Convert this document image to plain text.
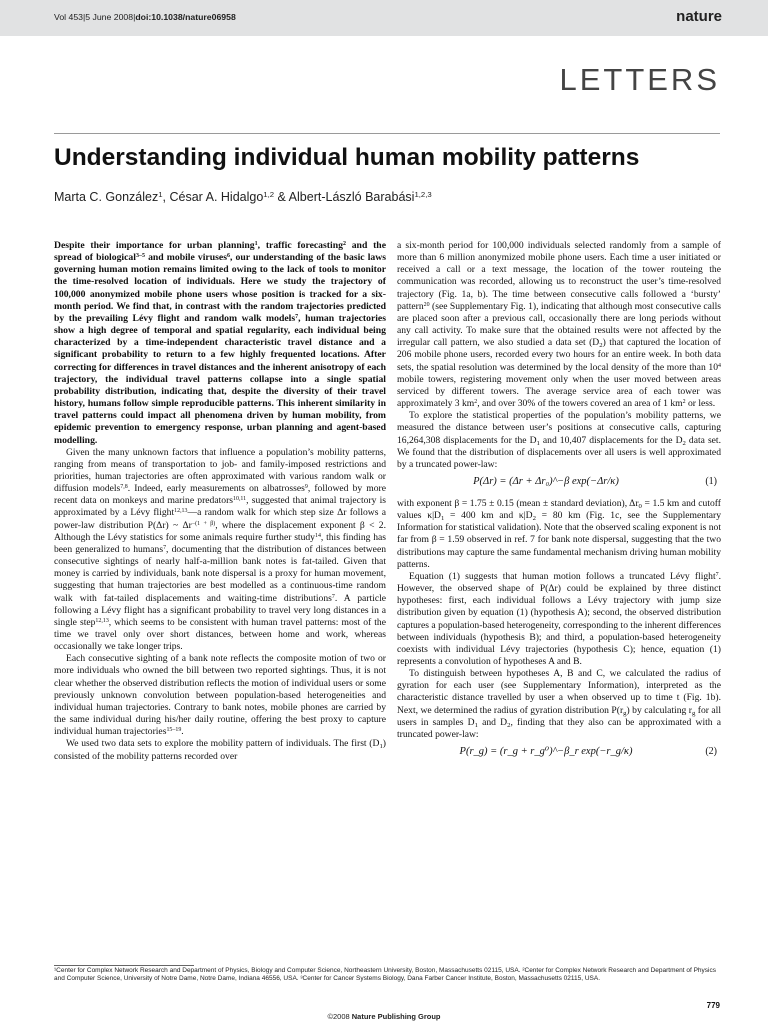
Vol 453|5 June 2008|doi:10.1038/nature06958	nature
LETTERS
Understanding individual human mobility patterns
Marta C. González$^1$, César A. Hidalgo$^{1,2}$ & Albert-László Barabási$^{1,2,3}$

Despite their importance for urban planning$^1$, traffic forecasting$^2$ and the spread of biological$^{3-5}$ and mobile viruses$^6$, our understanding of the basic laws governing human motion remains limited owing to the lack of tools to monitor the time-resolved location of individuals. Here we study the trajectory of 100,000 anonymized mobile phone users whose position is tracked for a six-month period. We find that, in contrast with the random trajectories predicted by the prevailing Lévy flight and random walk models$^7$, human trajectories show a high degree of temporal and spatial regularity, each individual being characterized by a time-independent characteristic travel distance and a significant probability to return to a few highly frequented locations. After correcting for differences in travel distances and the inherent anisotropy of each trajectory, the individual travel patterns collapse into a single spatial probability distribution, indicating that, despite the diversity of their travel history, humans follow simple reproducible patterns. This inherent similarity in travel patterns could impact all phenomena driven by human mobility, from epidemic prevention to emergency response, urban planning and agent-based modelling.

Given the many unknown factors that influence a population’s mobility patterns, ranging from means of transportation to job- and family-imposed restrictions and priorities, human trajectories are often approximated with various random walk or diffusion models$^{7,8}$. Indeed, early measurements on albatrosses$^9$, followed by more recent data on monkeys and marine predators$^{10,11}$, suggested that animal trajectory is approximated by a Lévy flight$^{12,13}$—a random walk for which step size Δr follows a power-law distribution P(Δr) ~ $\Delta r^{-(1 + \beta)}$, where the displacement exponent β < 2. Although the Lévy statistics for some animals require further study$^{14}$, this finding has been generalized to humans$^7$, documenting that the distribution of distances between consecutive sightings of nearly half-a-million bank notes is fat-tailed. Given that money is carried by individuals, bank note dispersal is a proxy for human movement, suggesting that human trajectories are best modelled as a continuous-time random walk with fat-tailed displacements and waiting-time distributions$^7$. A particle following a Lévy flight has a significant probability to travel very long distances in a single step$^{12,13}$, which seems to be consistent with human travel patterns: most of the time we travel only over short distances, between home and work, whereas occasionally we take longer trips.

Each consecutive sighting of a bank note reflects the composite motion of two or more individuals who owned the bill between two reported sightings. Thus, it is not clear whether the observed distribution reflects the motion of individual users or some previously unknown convolution between population-based heterogeneities and individual human trajectories. Contrary to bank notes, mobile phones are carried by the same individual during his/her daily routine, offering the best proxy to capture individual human trajectories$^{15-19}$.

We used two data sets to explore the mobility pattern of individuals. The first $(D_1)$ consisted of the mobility patterns recorded over

a six-month period for 100,000 individuals selected randomly from a sample of more than 6 million anonymized mobile phone users. Each time a user initiated or received a call or a text message, the location of the tower routeing the communication was recorded, allowing us to reconstruct the user’s time-resolved trajectory (Fig. 1a, b). The time between consecutive calls followed a ‘bursty’ pattern$^{20}$ (see Supplementary Fig. 1), indicating that although most consecutive calls are placed soon after a previous call, occasionally there are long periods without any call activity. To make sure that the obtained results were not affected by the irregular call pattern, we also studied a data set $(D_2)$ that captured the location of 206 mobile phone users, recorded every two hours for an entire week. In both data sets, the spatial resolution was determined by the local density of the more than $10^4$ mobile towers, registering movement only when the user moved between areas serviced by different towers. The average service area of each tower was approximately 3 $km^2$, and over 30% of the towers covered an area of 1 $km^2$ or less.

To explore the statistical properties of the population’s mobility patterns, we measured the distance between user’s positions at consecutive calls, capturing 16,264,308 displacements for the $D_1$ and 10,407 displacements for the $D_2$ data set. We found that the distribution of displacements over all users is well approximated by a truncated power-law:

P(Δr) = (Δr + Δr₀)^−β exp(−Δr/κ)	(1)

with exponent β = 1.75 ± 0.15 (mean ± standard deviation), $\Delta r_0 = 1.5$ km and cutoff values $\kappa|D_1 = 400$ km and $\kappa|D_2 = 80$ km (Fig. 1c, see the Supplementary Information for statistical validation). Note that the observed scaling exponent is not far from β = 1.59 observed in ref. 7 for bank note dispersal, suggesting that the two distributions may capture the same fundamental mechanism driving human mobility patterns.

Equation (1) suggests that human motion follows a truncated Lévy flight$^7$. However, the observed shape of P(Δr) could be explained by three distinct hypotheses: first, each individual follows a Lévy trajectory with jump size distribution given by equation (1) (hypothesis A); second, the observed distribution captures a population-based heterogeneity, corresponding to the inherent differences between individuals (hypothesis B); and third, a population-based heterogeneity coexists with individual Lévy trajectories (hypothesis C); hence, equation (1) represents a convolution of hypotheses A and B.

To distinguish between hypotheses A, B and C, we calculated the radius of gyration for each user (see Supplementary Information), interpreted as the characteristic distance travelled by user a when observed up to time t (Fig. 1b). Next, we determined the radius of gyration distribution $P(r_g)$ by calculating $r_g$ for all users in samples $D_1$ and $D_2$, finding that they also can be approximated with a truncated power-law:

P(r_g) = (r_g + r_g⁰)^−β_r exp(−r_g/κ)	(2)

¹Center for Complex Network Research and Department of Physics, Biology and Computer Science, Northeastern University, Boston, Massachusetts 02115, USA. ²Center for Complex Network Research and Department of Physics and Computer Science, University of Notre Dame, Notre Dame, Indiana 46556, USA. ³Center for Cancer Systems Biology, Dana Farber Cancer Institute, Boston, Massachusetts 02115, USA.

779
©2008 Nature Publishing Group
